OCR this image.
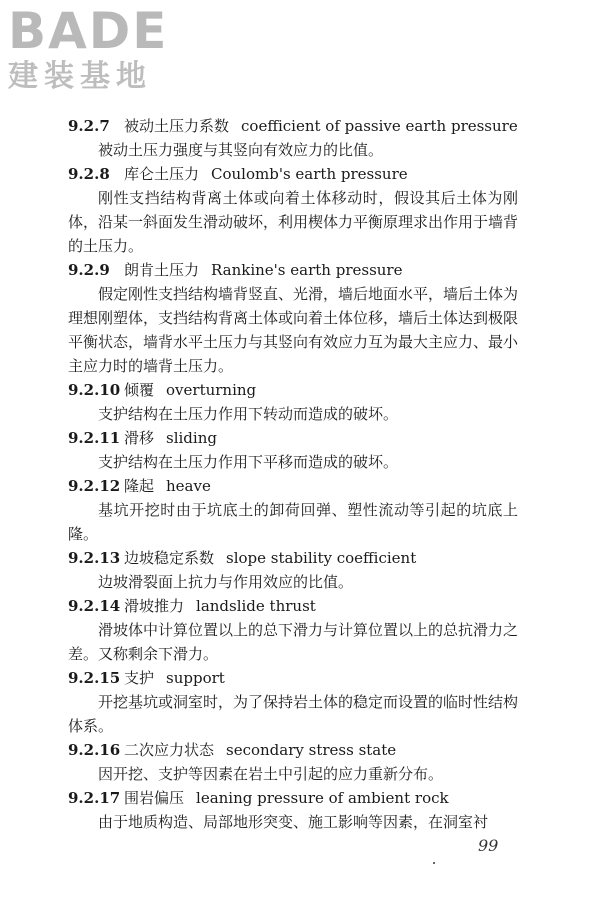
BADE
建装基地
9.2.7 被动土压力系数 coefficient of passive earth pressure

被动土压力强度与其竖向有效应力的比值。

9.2.8 库仑土压力 Coulomb's earth pressure

刚性支挡结构背离土体或向着土体移动时，假设其后土体为刚体，沿某一斜面发生滑动破坏，利用楔体力平衡原理求出作用于墙背的土压力。

9.2.9 朗肯土压力 Rankine's earth pressure

假定刚性支挡结构墙背竖直、光滑，墙后地面水平，墙后土体为理想刚塑体，支挡结构背离土体或向着土体位移，墙后土体达到极限平衡状态，墙背水平土压力与其竖向有效应力互为最大主应力、最小主应力时的墙背土压力。

9.2.10 倾覆 overturning

支护结构在土压力作用下转动而造成的破坏。

9.2.11 滑移 sliding

支护结构在土压力作用下平移而造成的破坏。

9.2.12 隆起 heave

基坑开挖时由于坑底土的卸荷回弹、塑性流动等引起的坑底上隆。

9.2.13 边坡稳定系数 slope stability coefficient

边坡滑裂面上抗力与作用效应的比值。

9.2.14 滑坡推力 landslide thrust

滑坡体中计算位置以上的总下滑力与计算位置以上的总抗滑力之差。又称剩余下滑力。

9.2.15 支护 support

开挖基坑或洞室时，为了保持岩土体的稳定而设置的临时性结构体系。

9.2.16 二次应力状态 secondary stress state

因开挖、支护等因素在岩土中引起的应力重新分布。

9.2.17 围岩偏压 leaning pressure of ambient rock

由于地质构造、局部地形突变、施工影响等因素，在洞室衬

99
